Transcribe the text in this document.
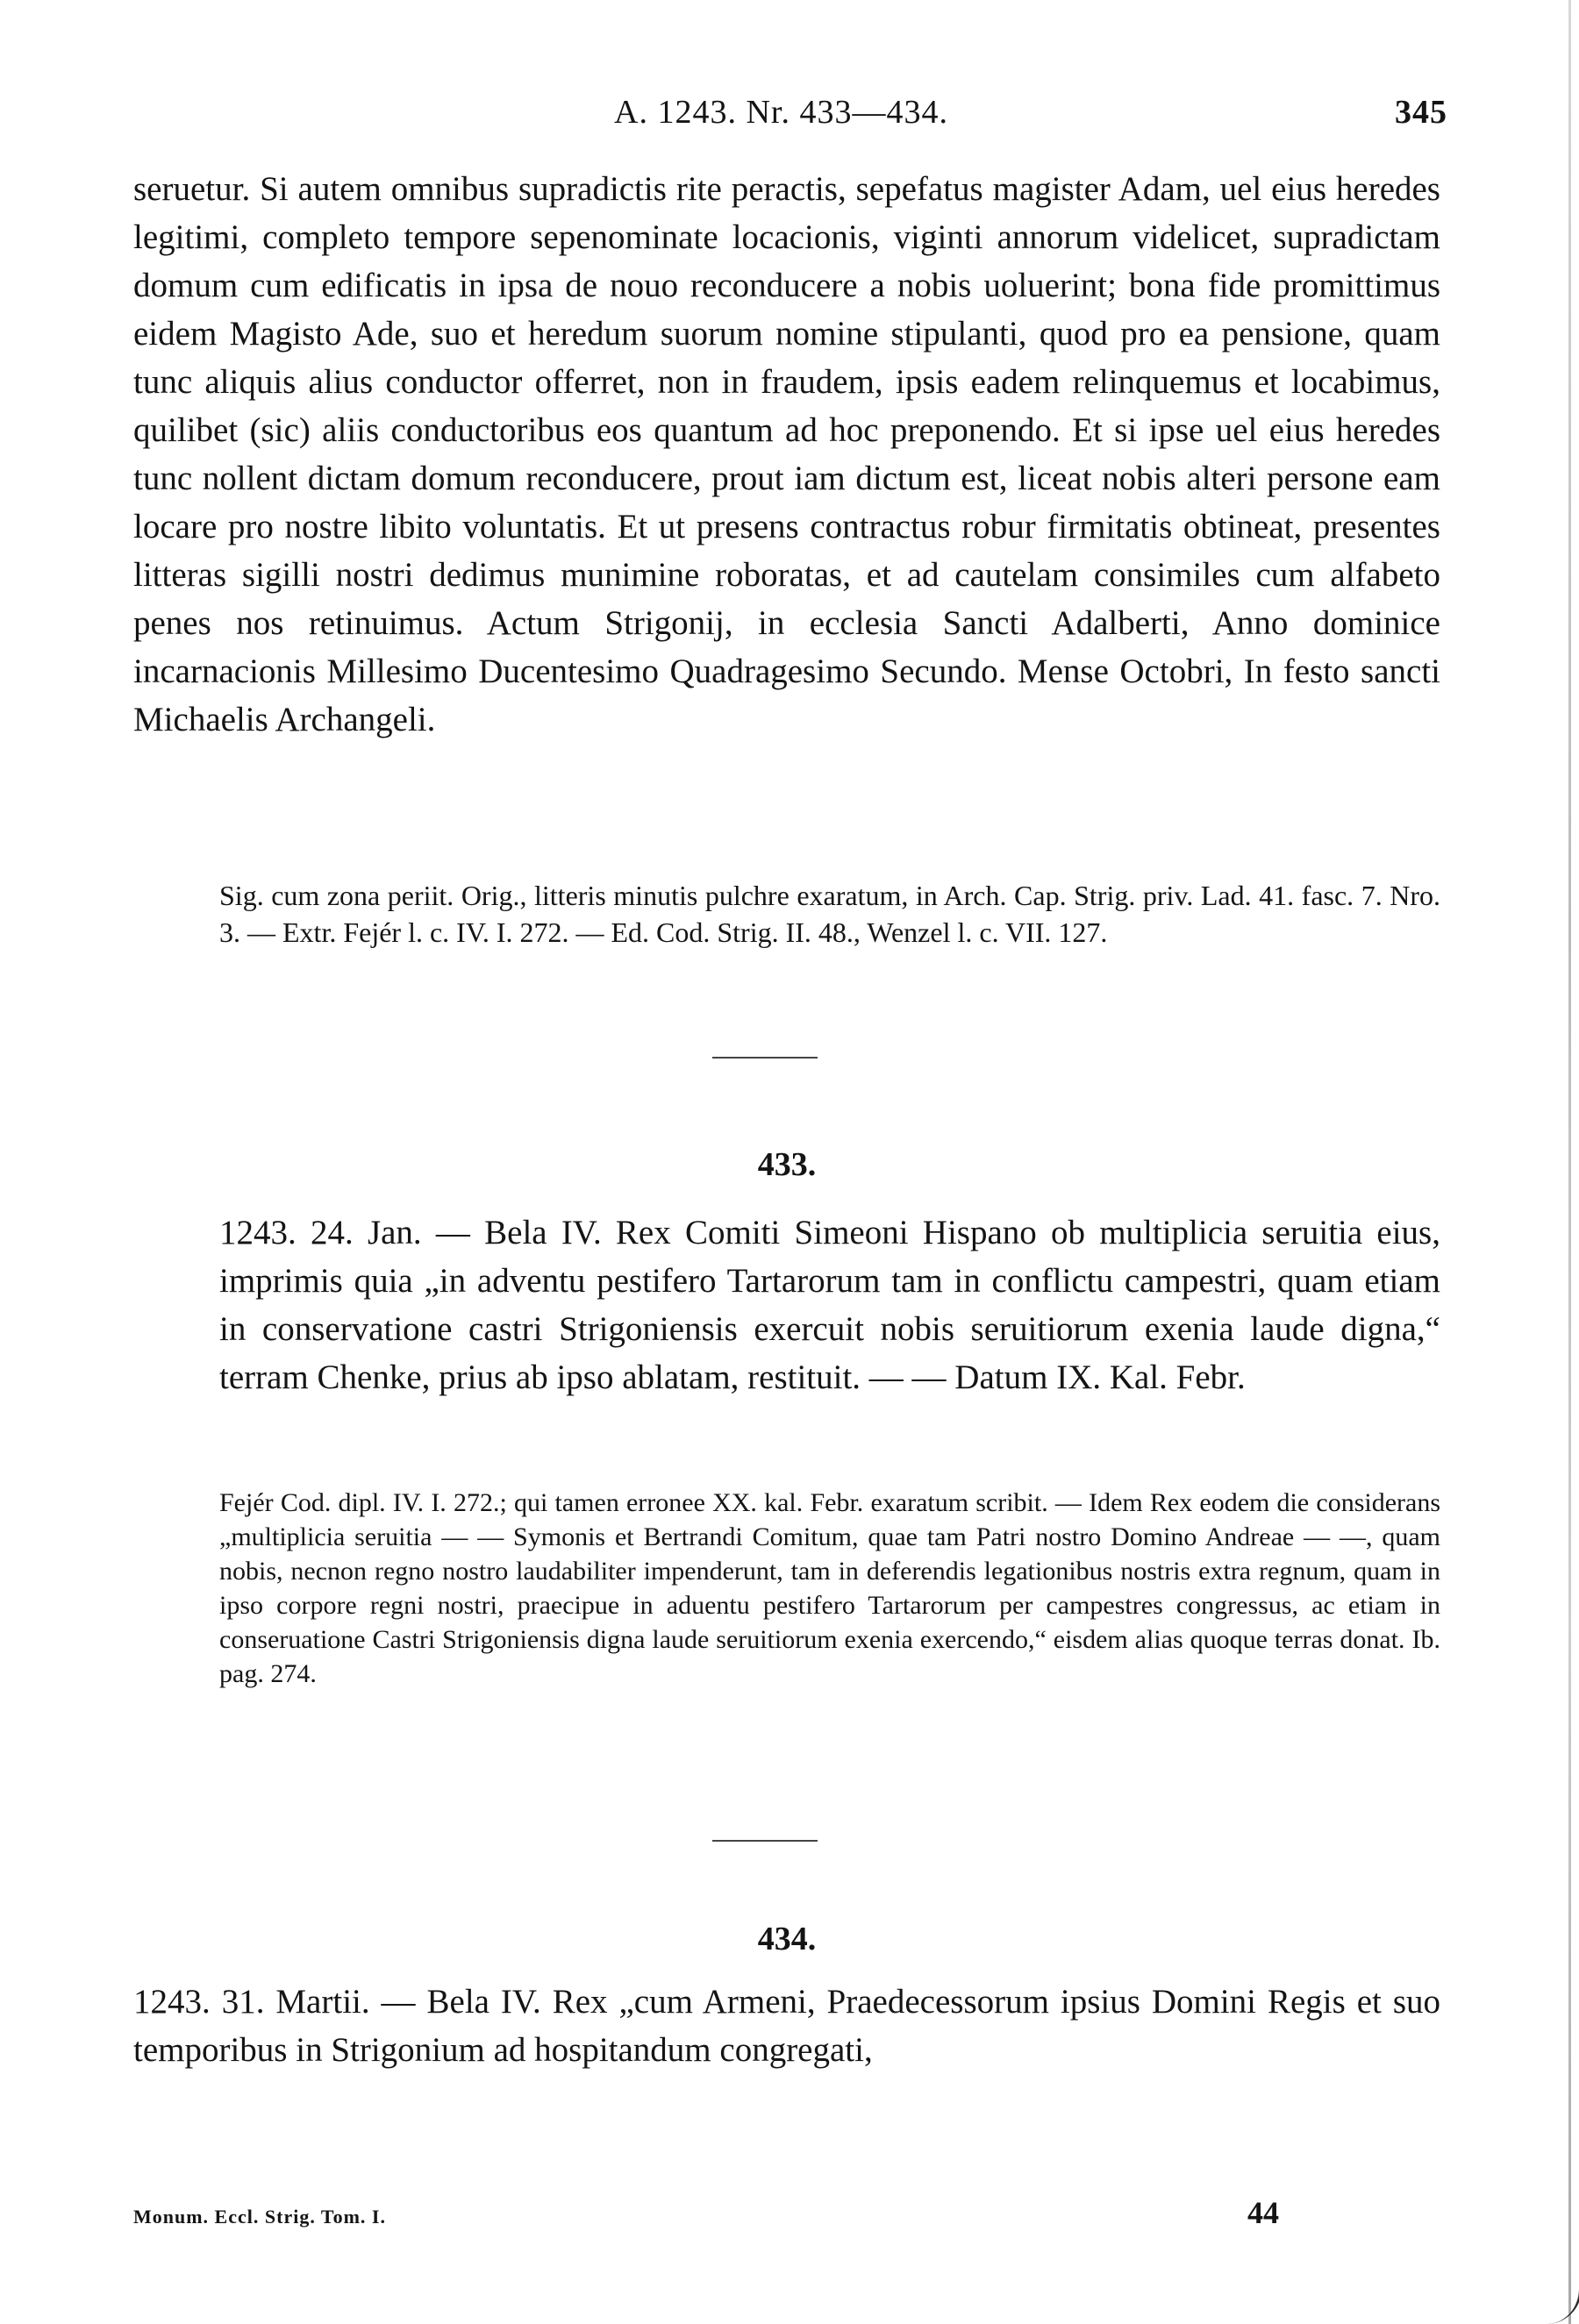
A. 1243. Nr. 433—434.	345

seruetur. Si autem omnibus supradictis rite peractis, sepefatus magister Adam, uel eius heredes legitimi, completo tempore sepenominate locacionis, viginti annorum videlicet, supradictam domum cum edificatis in ipsa de nouo reconducere a nobis uoluerint; bona fide promittimus eidem Magisto Ade, suo et heredum suorum nomine stipulanti, quod pro ea pensione, quam tunc aliquis alius conductor offerret, non in fraudem, ipsis eadem relinquemus et locabimus, quilibet (sic) aliis conductoribus eos quantum ad hoc preponendo. Et si ipse uel eius heredes tunc nollent dictam domum reconducere, prout iam dictum est, liceat nobis alteri persone eam locare pro nostre libito voluntatis. Et ut presens contractus robur firmitatis obtineat, presentes litteras sigilli nostri dedimus munimine roboratas, et ad cautelam consimiles cum alfabeto penes nos retinuimus. Actum Strigonij, in ecclesia Sancti Adalberti, Anno dominice incarnacionis Millesimo Ducentesimo Quadragesimo Secundo. Mense Octobri, In festo sancti Michaelis Archangeli.

Sig. cum zona periit. Orig., litteris minutis pulchre exaratum, in Arch. Cap. Strig. priv. Lad. 41. fasc. 7. Nro. 3. — Extr. Fejér l. c. IV. I. 272. — Ed. Cod. Strig. II. 48., Wenzel l. c. VII. 127.

433.

1243. 24. Jan. — Bela IV. Rex Comiti Simeoni Hispano ob multiplicia seruitia eius, imprimis quia „in adventu pestifero Tartarorum tam in conflictu campestri, quam etiam in conservatione castri Strigoniensis exercuit nobis seruitiorum exenia laude digna,“ terram Chenke, prius ab ipso ablatam, restituit. — — Datum IX. Kal. Febr.

Fejér Cod. dipl. IV. I. 272.; qui tamen erronee XX. kal. Febr. exaratum scribit. — Idem Rex eodem die considerans „multiplicia seruitia — — Symonis et Bertrandi Comitum, quae tam Patri nostro Domino Andreae — —, quam nobis, necnon regno nostro laudabiliter impenderunt, tam in deferendis legationibus nostris extra regnum, quam in ipso corpore regni nostri, praecipue in aduentu pestifero Tartarorum per campestres congressus, ac etiam in conseruatione Castri Strigoniensis digna laude seruitiorum exenia exercendo,“ eisdem alias quoque terras donat. Ib. pag. 274.

434.

1243. 31. Martii. — Bela IV. Rex „cum Armeni, Praedecessorum ipsius Domini Regis et suo temporibus in Strigonium ad hospitandum congregati,

Monum. Eccl. Strig. Tom. I.	44
